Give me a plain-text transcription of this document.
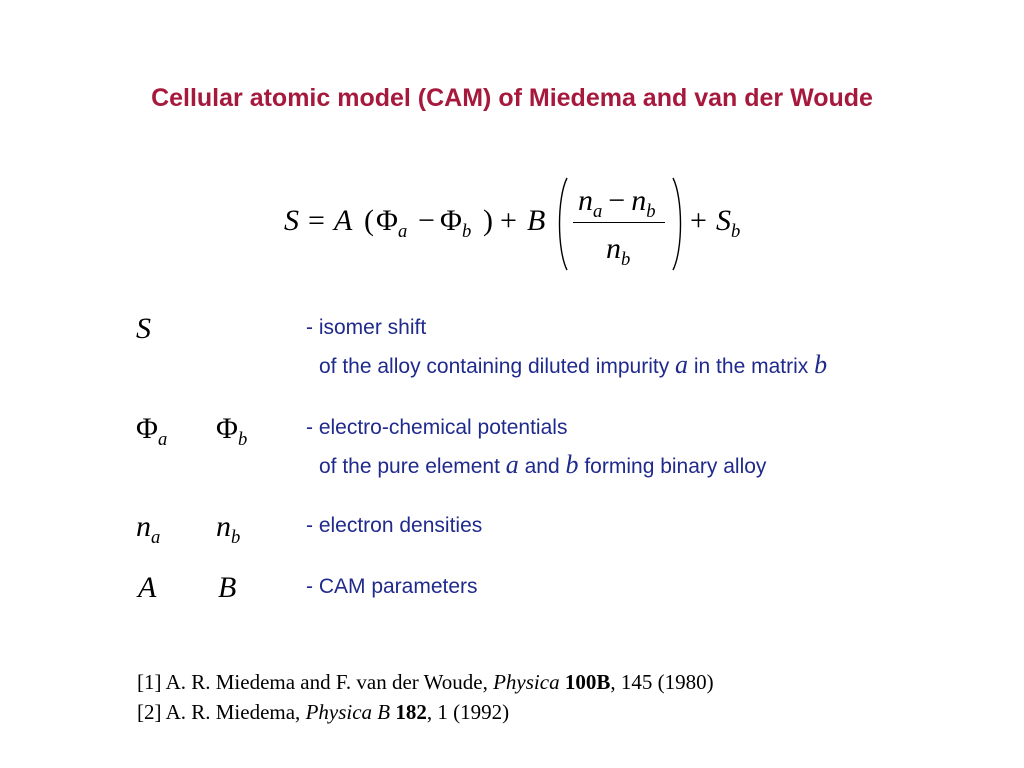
Cellular atomic model (CAM) of Miedema and van der Woude
S = A ( $\Phi_a - \Phi_b$ ) + B
$n_a - n_b$
$n_b$
+ $S_b$
S	- isomer shift
of the alloy containing diluted impurity a in the matrix b
$\Phi_a$ $\Phi_b$
- electro-chemical potentials
of the pure element a and b forming binary alloy
$n_a$ $n_b$
- electron densities
A B	- CAM parameters
[1] A. R. Miedema and F. van der Woude, Physica 100B, 145 (1980)
[2] A. R. Miedema, Physica B 182, 1 (1992)
